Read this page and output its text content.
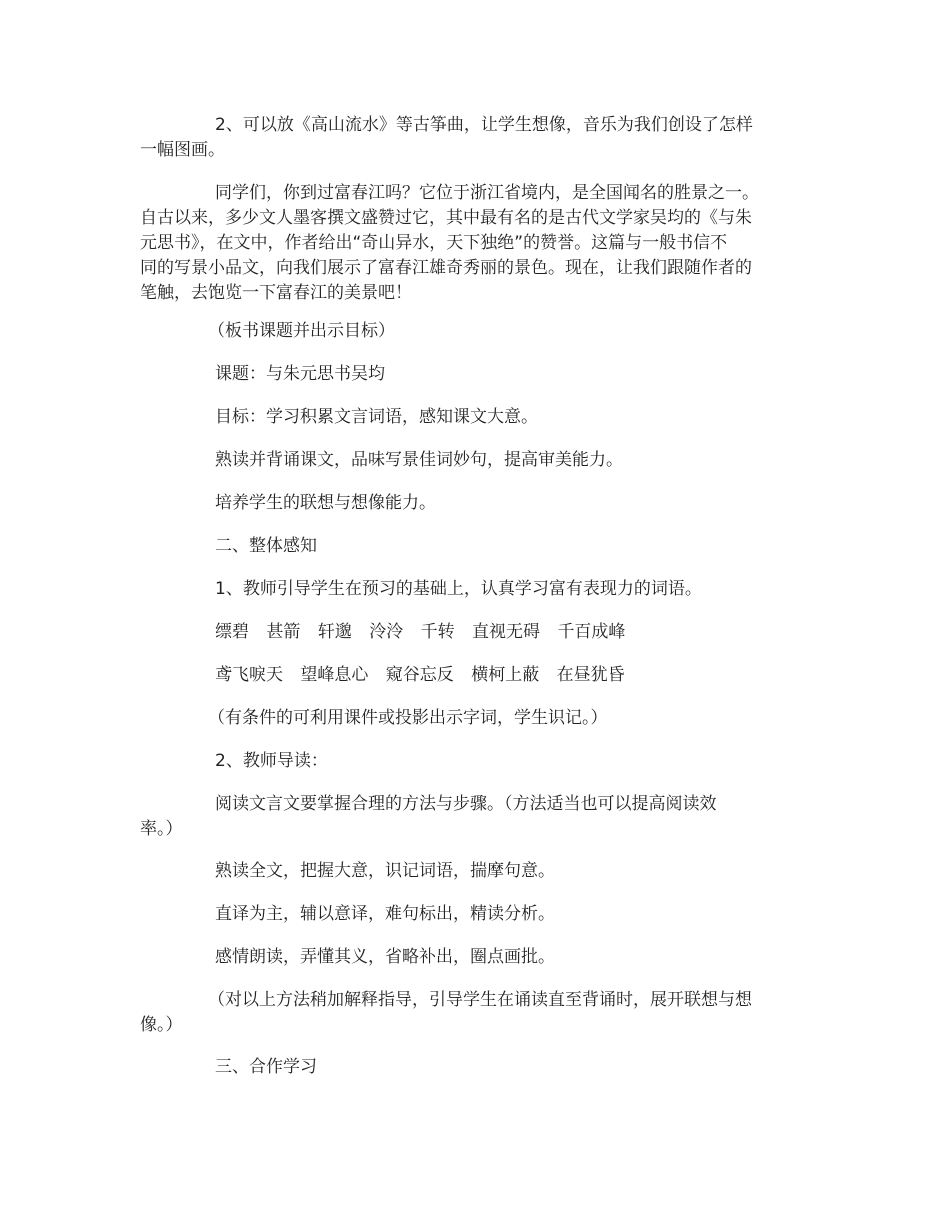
2、可以放《高山流水》等古筝曲，让学生想像，音乐为我们创设了怎样
一幅图画。
同学们，你到过富春江吗？它位于浙江省境内，是全国闻名的胜景之一。
自古以来，多少文人墨客撰文盛赞过它，其中最有名的是古代文学家吴均的《与朱
元思书》，在文中，作者给出“奇山异水，天下独绝”的赞誉。这篇与一般书信不
同的写景小品文，向我们展示了富春江雄奇秀丽的景色。现在，让我们跟随作者的
笔触，去饱览一下富春江的美景吧！
（板书课题并出示目标）
课题：与朱元思书吴均
目标：学习积累文言词语，感知课文大意。
熟读并背诵课文，品味写景佳词妙句，提高审美能力。
培养学生的联想与想像能力。
二、整体感知
1、教师引导学生在预习的基础上，认真学习富有表现力的词语。
缥碧 甚箭 轩邈 泠泠 千转 直视无碍 千百成峰
鸢飞唳天 望峰息心 窥谷忘反 横柯上蔽 在昼犹昏
（有条件的可利用课件或投影出示字词，学生识记。）
2、教师导读：
阅读文言文要掌握合理的方法与步骤。（方法适当也可以提高阅读效
率。）
熟读全文，把握大意，识记词语，揣摩句意。
直译为主，辅以意译，难句标出，精读分析。
感情朗读，弄懂其义，省略补出，圈点画批。
（对以上方法稍加解释指导，引导学生在诵读直至背诵时，展开联想与想
像。）
三、合作学习
